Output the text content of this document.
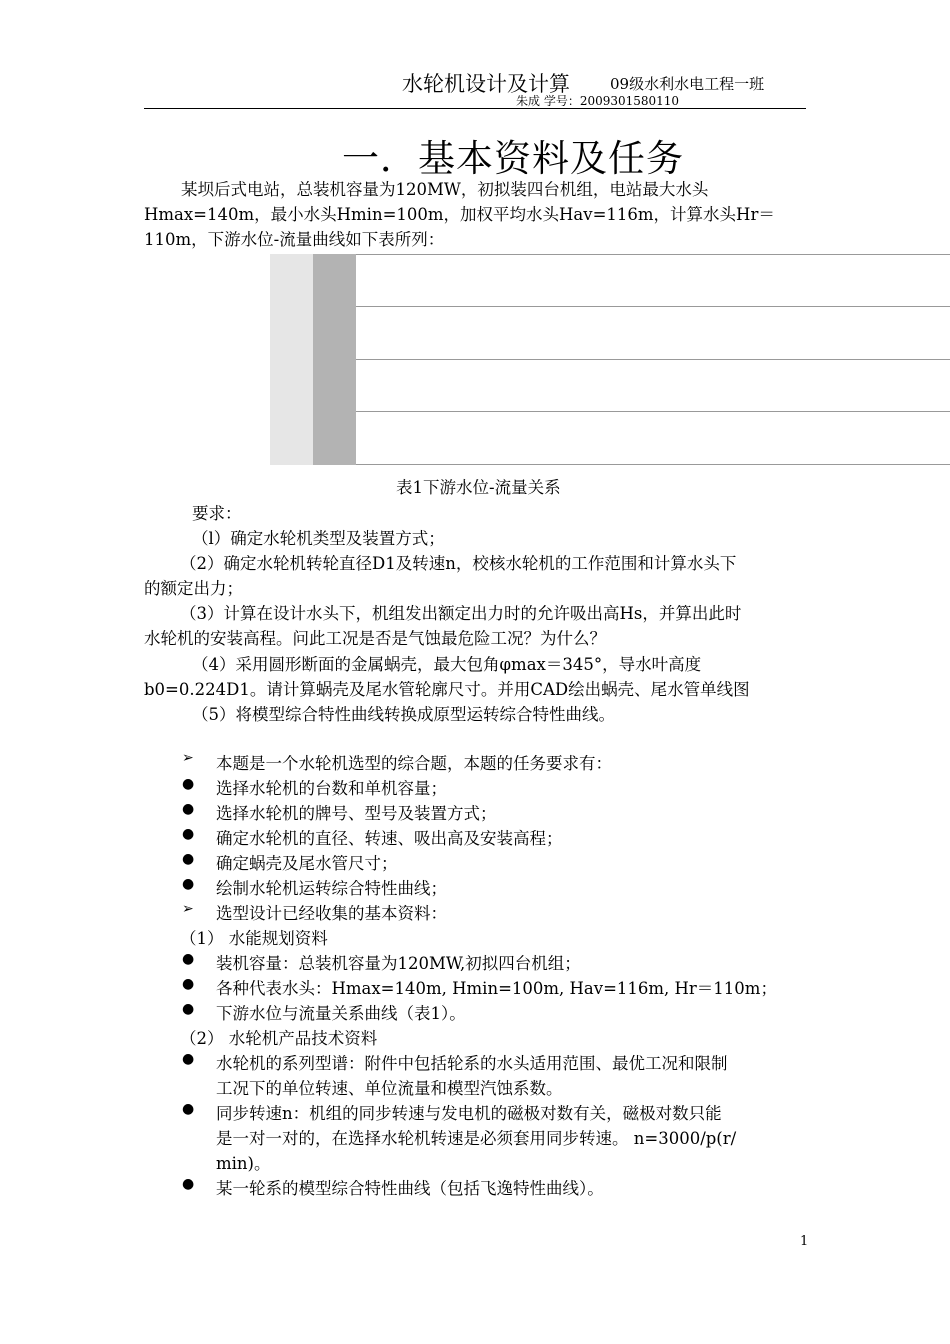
水轮机设计及计算	09级水利水电工程一班
朱成 学号：2009301580110
一．基本资料及任务
某坝后式电站，总装机容量为120MW，初拟装四台机组，电站最大水头
Hmax=140m，最小水头Hmin=100m，加权平均水头Hav=116m，计算水头Hr＝
110m，下游水位-流量曲线如下表所列：
表1下游水位-流量关系
要求：
（l）确定水轮机类型及装置方式；
（2）确定水轮机转轮直径D1及转速n，校核水轮机的工作范围和计算水头下
的额定出力；
（3）计算在设计水头下，机组发出额定出力时的允许吸出高Hs，并算出此时
水轮机的安装高程。问此工况是否是气蚀最危险工况？为什么？
（4）采用圆形断面的金属蜗壳，最大包角φmax＝345°，导水叶高度
b0=0.224D1。请计算蜗壳及尾水管轮廓尺寸。并用CAD绘出蜗壳、尾水管单线图
（5）将模型综合特性曲线转换成原型运转综合特性曲线。
➢ 本题是一个水轮机选型的综合题，本题的任务要求有：
● 选择水轮机的台数和单机容量；
● 选择水轮机的牌号、型号及装置方式；
● 确定水轮机的直径、转速、吸出高及安装高程；
● 确定蜗壳及尾水管尺寸；
● 绘制水轮机运转综合特性曲线；
➢ 选型设计已经收集的基本资料：
（1） 水能规划资料
● 装机容量：总装机容量为120MW,初拟四台机组；
● 各种代表水头：Hmax=140m, Hmin=100m, Hav=116m, Hr＝110m；
● 下游水位与流量关系曲线（表1）。
（2） 水轮机产品技术资料
● 水轮机的系列型谱：附件中包括轮系的水头适用范围、最优工况和限制
工况下的单位转速、单位流量和模型汽蚀系数。
● 同步转速n：机组的同步转速与发电机的磁极对数有关，磁极对数只能
是一对一对的，在选择水轮机转速是必须套用同步转速。 n=3000/p(r/
min)。
● 某一轮系的模型综合特性曲线（包括飞逸特性曲线）。
1
